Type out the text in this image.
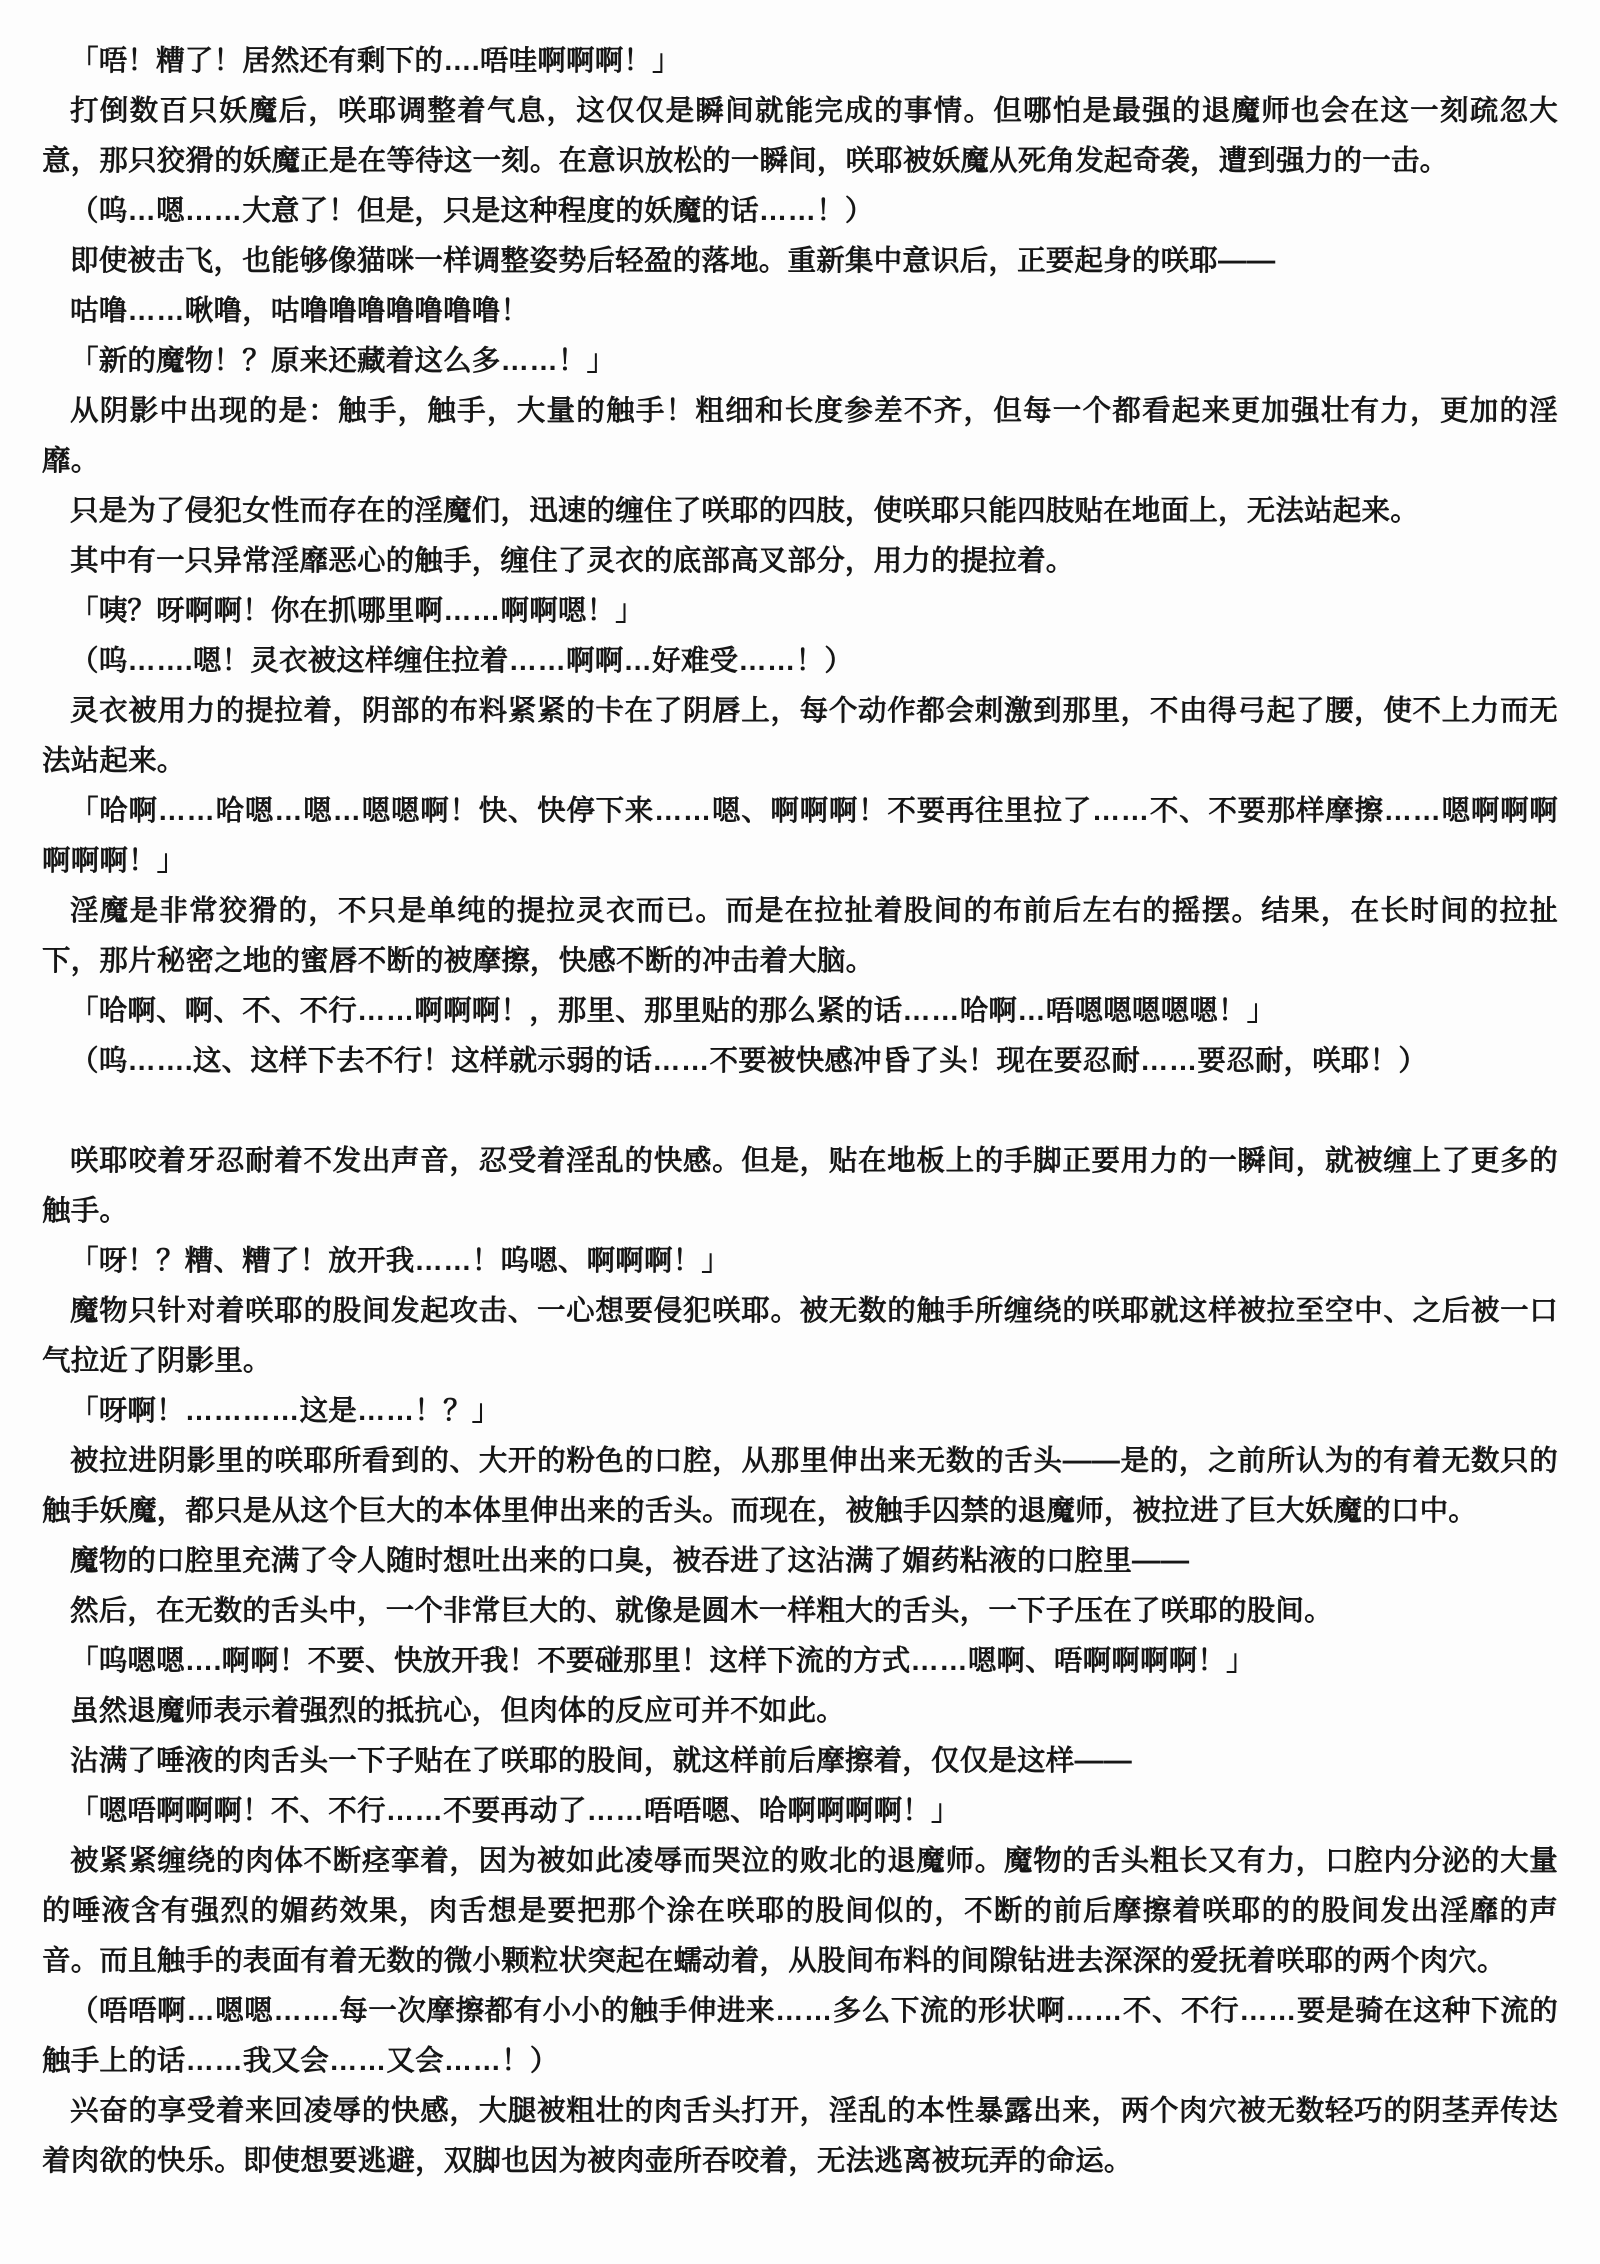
「唔！糟了！居然还有剩下的….唔哇啊啊啊！」

打倒数百只妖魔后，咲耶调整着气息，这仅仅是瞬间就能完成的事情。但哪怕是最强的退魔师也会在这一刻疏忽大意，那只狡猾的妖魔正是在等待这一刻。在意识放松的一瞬间，咲耶被妖魔从死角发起奇袭，遭到强力的一击。

（呜…嗯……大意了！但是，只是这种程度的妖魔的话……！）

即使被击飞，也能够像猫咪一样调整姿势后轻盈的落地。重新集中意识后，正要起身的咲耶——

咕噜……啾噜，咕噜噜噜噜噜噜噜！

「新的魔物！？原来还藏着这么多……！」

从阴影中出现的是：触手，触手，大量的触手！粗细和长度参差不齐，但每一个都看起来更加强壮有力，更加的淫靡。

只是为了侵犯女性而存在的淫魔们，迅速的缠住了咲耶的四肢，使咲耶只能四肢贴在地面上，无法站起来。

其中有一只异常淫靡恶心的触手，缠住了灵衣的底部高叉部分，用力的提拉着。

「咦？呀啊啊！你在抓哪里啊……啊啊嗯！」

（呜…….嗯！灵衣被这样缠住拉着……啊啊…好难受……！）

灵衣被用力的提拉着，阴部的布料紧紧的卡在了阴唇上，每个动作都会刺激到那里，不由得弓起了腰，使不上力而无法站起来。

「哈啊……哈嗯…嗯…嗯嗯啊！快、快停下来……嗯、啊啊啊！不要再往里拉了……不、不要那样摩擦……嗯啊啊啊啊啊啊！」

淫魔是非常狡猾的，不只是单纯的提拉灵衣而已。而是在拉扯着股间的布前后左右的摇摆。结果，在长时间的拉扯下，那片秘密之地的蜜唇不断的被摩擦，快感不断的冲击着大脑。

「哈啊、啊、不、不行……啊啊啊！，那里、那里贴的那么紧的话……哈啊…唔嗯嗯嗯嗯嗯！」

（呜…….这、这样下去不行！这样就示弱的话……不要被快感冲昏了头！现在要忍耐……要忍耐，咲耶！）

咲耶咬着牙忍耐着不发出声音，忍受着淫乱的快感。但是，贴在地板上的手脚正要用力的一瞬间，就被缠上了更多的触手。

「呀！？糟、糟了！放开我……！呜嗯、啊啊啊！」

魔物只针对着咲耶的股间发起攻击、一心想要侵犯咲耶。被无数的触手所缠绕的咲耶就这样被拉至空中、之后被一口气拉近了阴影里。

「呀啊！…………这是……！？」

被拉进阴影里的咲耶所看到的、大开的粉色的口腔，从那里伸出来无数的舌头——是的，之前所认为的有着无数只的触手妖魔，都只是从这个巨大的本体里伸出来的舌头。而现在，被触手囚禁的退魔师，被拉进了巨大妖魔的口中。

魔物的口腔里充满了令人随时想吐出来的口臭，被吞进了这沾满了媚药粘液的口腔里——

然后，在无数的舌头中，一个非常巨大的、就像是圆木一样粗大的舌头，一下子压在了咲耶的股间。

「呜嗯嗯….啊啊！不要、快放开我！不要碰那里！这样下流的方式……嗯啊、唔啊啊啊啊！」

虽然退魔师表示着强烈的抵抗心，但肉体的反应可并不如此。

沾满了唾液的肉舌头一下子贴在了咲耶的股间，就这样前后摩擦着，仅仅是这样——

「嗯唔啊啊啊！不、不行……不要再动了……唔唔嗯、哈啊啊啊啊！」

被紧紧缠绕的肉体不断痉挛着，因为被如此凌辱而哭泣的败北的退魔师。魔物的舌头粗长又有力，口腔内分泌的大量的唾液含有强烈的媚药效果，肉舌想是要把那个涂在咲耶的股间似的，不断的前后摩擦着咲耶的的股间发出淫靡的声音。而且触手的表面有着无数的微小颗粒状突起在蠕动着，从股间布料的间隙钻进去深深的爱抚着咲耶的两个肉穴。

（唔唔啊…嗯嗯…….每一次摩擦都有小小的触手伸进来……多么下流的形状啊……不、不行……要是骑在这种下流的触手上的话……我又会……又会……！）

兴奋的享受着来回凌辱的快感，大腿被粗壮的肉舌头打开，淫乱的本性暴露出来，两个肉穴被无数轻巧的阴茎弄传达着肉欲的快乐。即使想要逃避，双脚也因为被肉壶所吞咬着，无法逃离被玩弄的命运。
